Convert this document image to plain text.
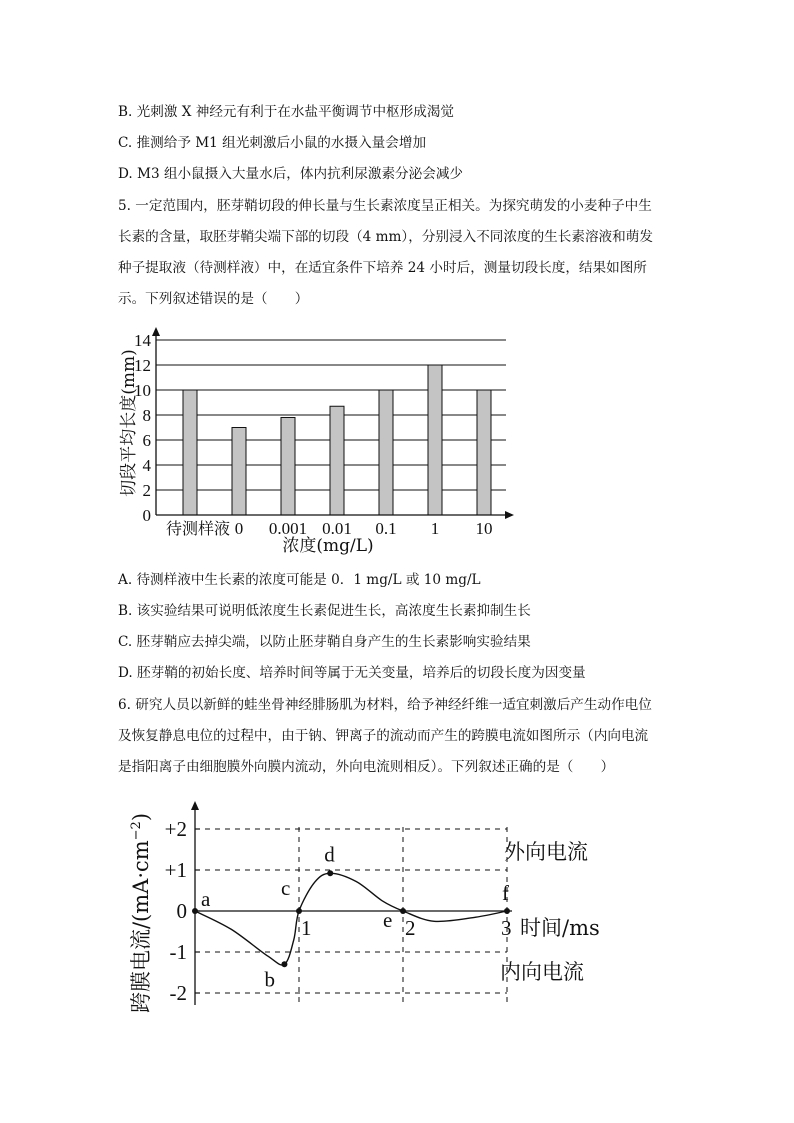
B. 光刺激 X 神经元有利于在水盐平衡调节中枢形成渴觉
C. 推测给予 M1 组光刺激后小鼠的水摄入量会增加
D. M3 组小鼠摄入大量水后，体内抗利尿激素分泌会减少
5. 一定范围内，胚芽鞘切段的伸长量与生长素浓度呈正相关。为探究萌发的小麦种子中生
长素的含量，取胚芽鞘尖端下部的切段（4 mm），分别浸入不同浓度的生长素溶液和萌发
种子提取液（待测样液）中，在适宜条件下培养 24 小时后，测量切段长度，结果如图所
示。下列叙述错误的是（　　）
0
2
4
6
8
10
12
14
待测样液 0 0.001 0.01 0.1 1 10
浓度(mg/L)
切段平均长度(mm)
A. 待测样液中生长素的浓度可能是 0．1 mg/L 或 10 mg/L
B. 该实验结果可说明低浓度生长素促进生长，高浓度生长素抑制生长
C. 胚芽鞘应去掉尖端，以防止胚芽鞘自身产生的生长素影响实验结果
D. 胚芽鞘的初始长度、培养时间等属于无关变量，培养后的切段长度为因变量
6. 研究人员以新鲜的蛙坐骨神经腓肠肌为材料，给予神经纤维一适宜刺激后产生动作电位
及恢复静息电位的过程中，由于钠、钾离子的流动而产生的跨膜电流如图所示（内向电流
是指阳离子由细胞膜外向膜内流动，外向电流则相反）。下列叙述正确的是（　　）
+2
+1
0
-1
-2
1	2	3
a
b
c
d
e
f
外向电流
内向电流
时间/ms
跨膜电流$/(mA\cdot cm^{-2})$
